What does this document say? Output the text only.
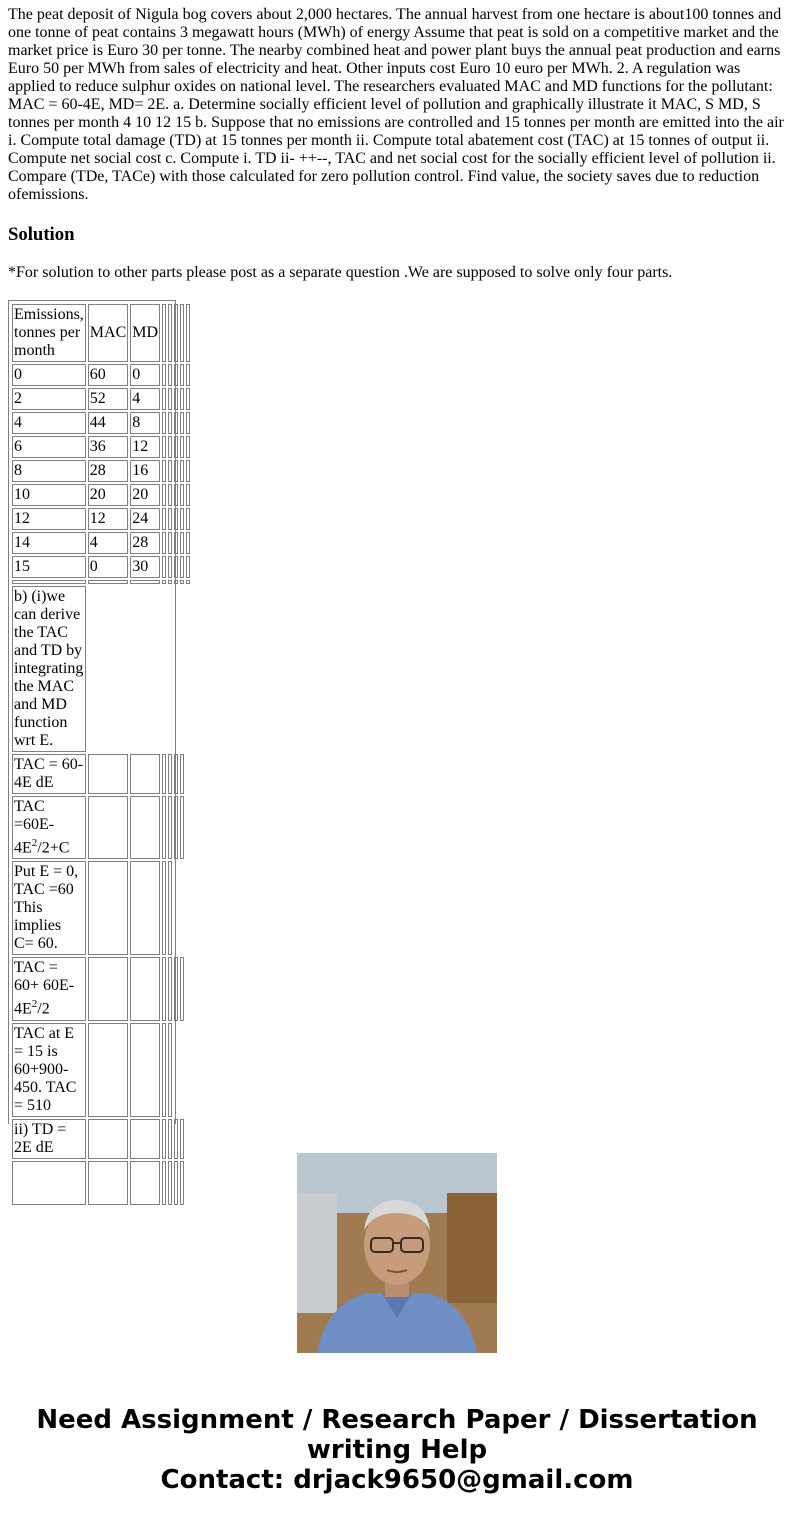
The peat deposit of Nigula bog covers about 2,000 hectares. The annual harvest from one hectare is about100 tonnes and one tonne of peat contains 3 megawatt hours (MWh) of energy Assume that peat is sold on a competitive market and the market price is Euro 30 per tonne. The nearby combined heat and power plant buys the annual peat production and earns Euro 50 per MWh from sales of electricity and heat. Other inputs cost Euro 10 euro per MWh. 2. A regulation was applied to reduce sulphur oxides on national level. The researchers evaluated MAC and MD functions for the pollutant: MAC = 60-4E, MD= 2E. a. Determine socially efficient level of pollution and graphically illustrate it MAC, S MD, S tonnes per month 4 10 12 15 b. Suppose that no emissions are controlled and 15 tonnes per month are emitted into the air i. Compute total damage (TD) at 15 tonnes per month ii. Compute total abatement cost (TAC) at 15 tonnes of output ii. Compute net social cost c. Compute i. TD ii- ++--, TAC and net social cost for the socially efficient level of pollution ii. Compare (TDe, TACe) with those calculated for zero pollution control. Find value, the society saves due to reduction ofemissions.

Solution

*For solution to other parts please post as a separate question .We are supposed to solve only four parts.

Emissions, tonnes per month	MAC	MD					
0	60	0					
2	52	4					
4	44	8					
6	36	12					
8	28	16					
10	20	20					
12	12	24					
14	4	28					
15	0	30					

b) (i)we can derive the TAC and TD by integrating the MAC and MD function wrt E.							
TAC = 60-4E dE							
TAC $=60E-4E^2/2+C$							
Put E = 0, TAC =60 This implies C= 60.							
TAC = $60+ 60E-4E^2/2$							
TAC at E = 15 is 60+900-450. TAC = 510							
ii) TD = 2E dE							

Need Assignment / Research Paper / Dissertation
writing Help
Contact: drjack9650@gmail.com
